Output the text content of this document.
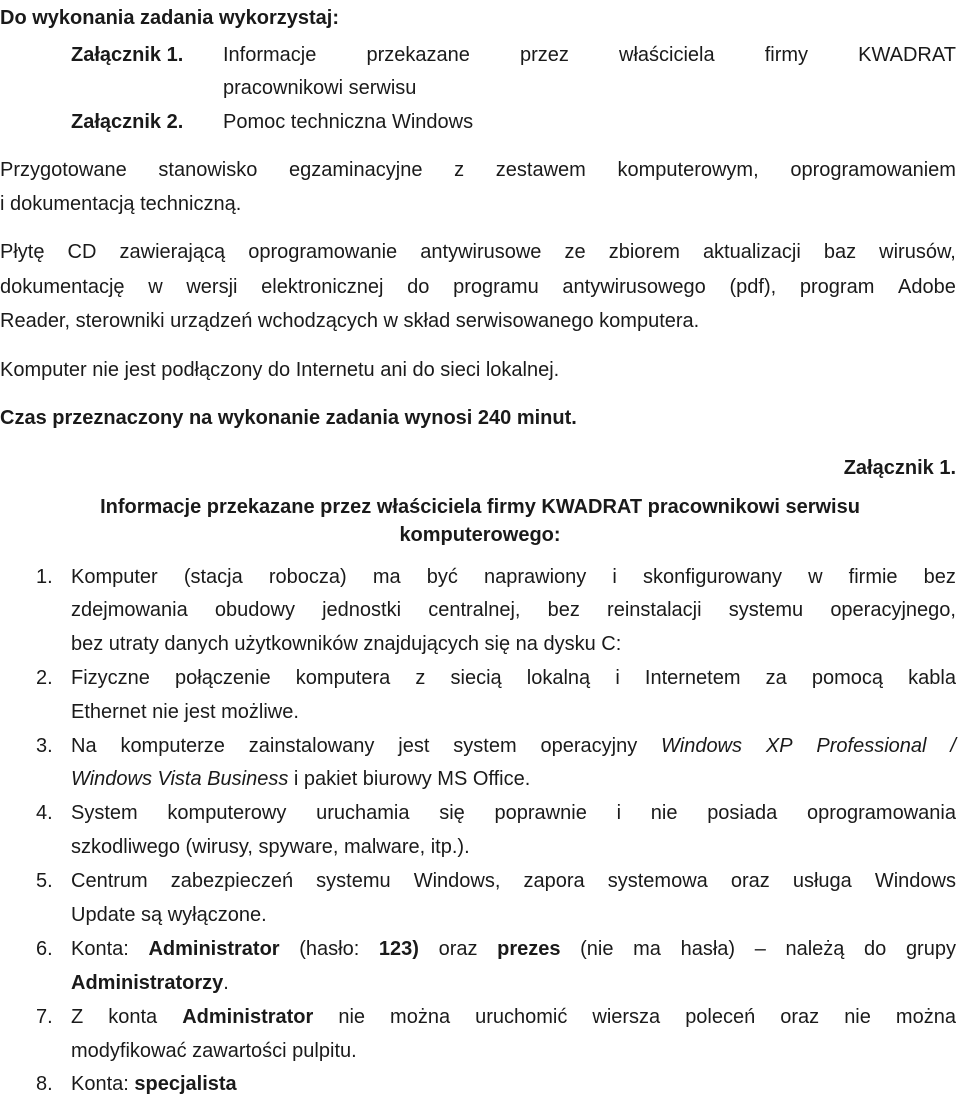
Do wykonania zadania wykorzystaj:
Załącznik 1. Informacje	przekazane	przez	właściciela	firmy	KWADRAT
pracownikowi serwisu
Załącznik 2. Pomoc techniczna Windows
Przygotowane stanowisko egzaminacyjne z zestawem komputerowym, oprogramowaniem
i dokumentacją techniczną.
Płytę CD zawierającą oprogramowanie antywirusowe ze zbiorem aktualizacji baz wirusów,
dokumentację w wersji elektronicznej do programu antywirusowego (pdf), program Adobe
Reader, sterowniki urządzeń wchodzących w skład serwisowanego komputera.
Komputer nie jest podłączony do Internetu ani do sieci lokalnej.
Czas przeznaczony na wykonanie zadania wynosi 240 minut.
Załącznik 1.
Informacje przekazane przez właściciela firmy KWADRAT pracownikowi serwisu
komputerowego:
1. Komputer (stacja robocza) ma być naprawiony i skonfigurowany w firmie bez
zdejmowania obudowy jednostki centralnej, bez reinstalacji systemu operacyjnego,
bez utraty danych użytkowników znajdujących się na dysku C:
2. Fizyczne połączenie komputera z siecią lokalną i Internetem za pomocą kabla
Ethernet nie jest możliwe.
3. Na komputerze zainstalowany jest system operacyjny Windows XP Professional /
Windows Vista Business i pakiet biurowy MS Office.
4. System komputerowy uruchamia się poprawnie i nie posiada oprogramowania
szkodliwego (wirusy, spyware, malware, itp.).
5. Centrum zabezpieczeń systemu Windows, zapora systemowa oraz usługa Windows
Update są wyłączone.
6. Konta: Administrator (hasło: 123) oraz prezes (nie ma hasła) – należą do grupy
Administratorzy.
7. Z konta Administrator nie można uruchomić wiersza poleceń oraz nie można
modyfikować zawartości pulpitu.
8. Konta: specjalista
